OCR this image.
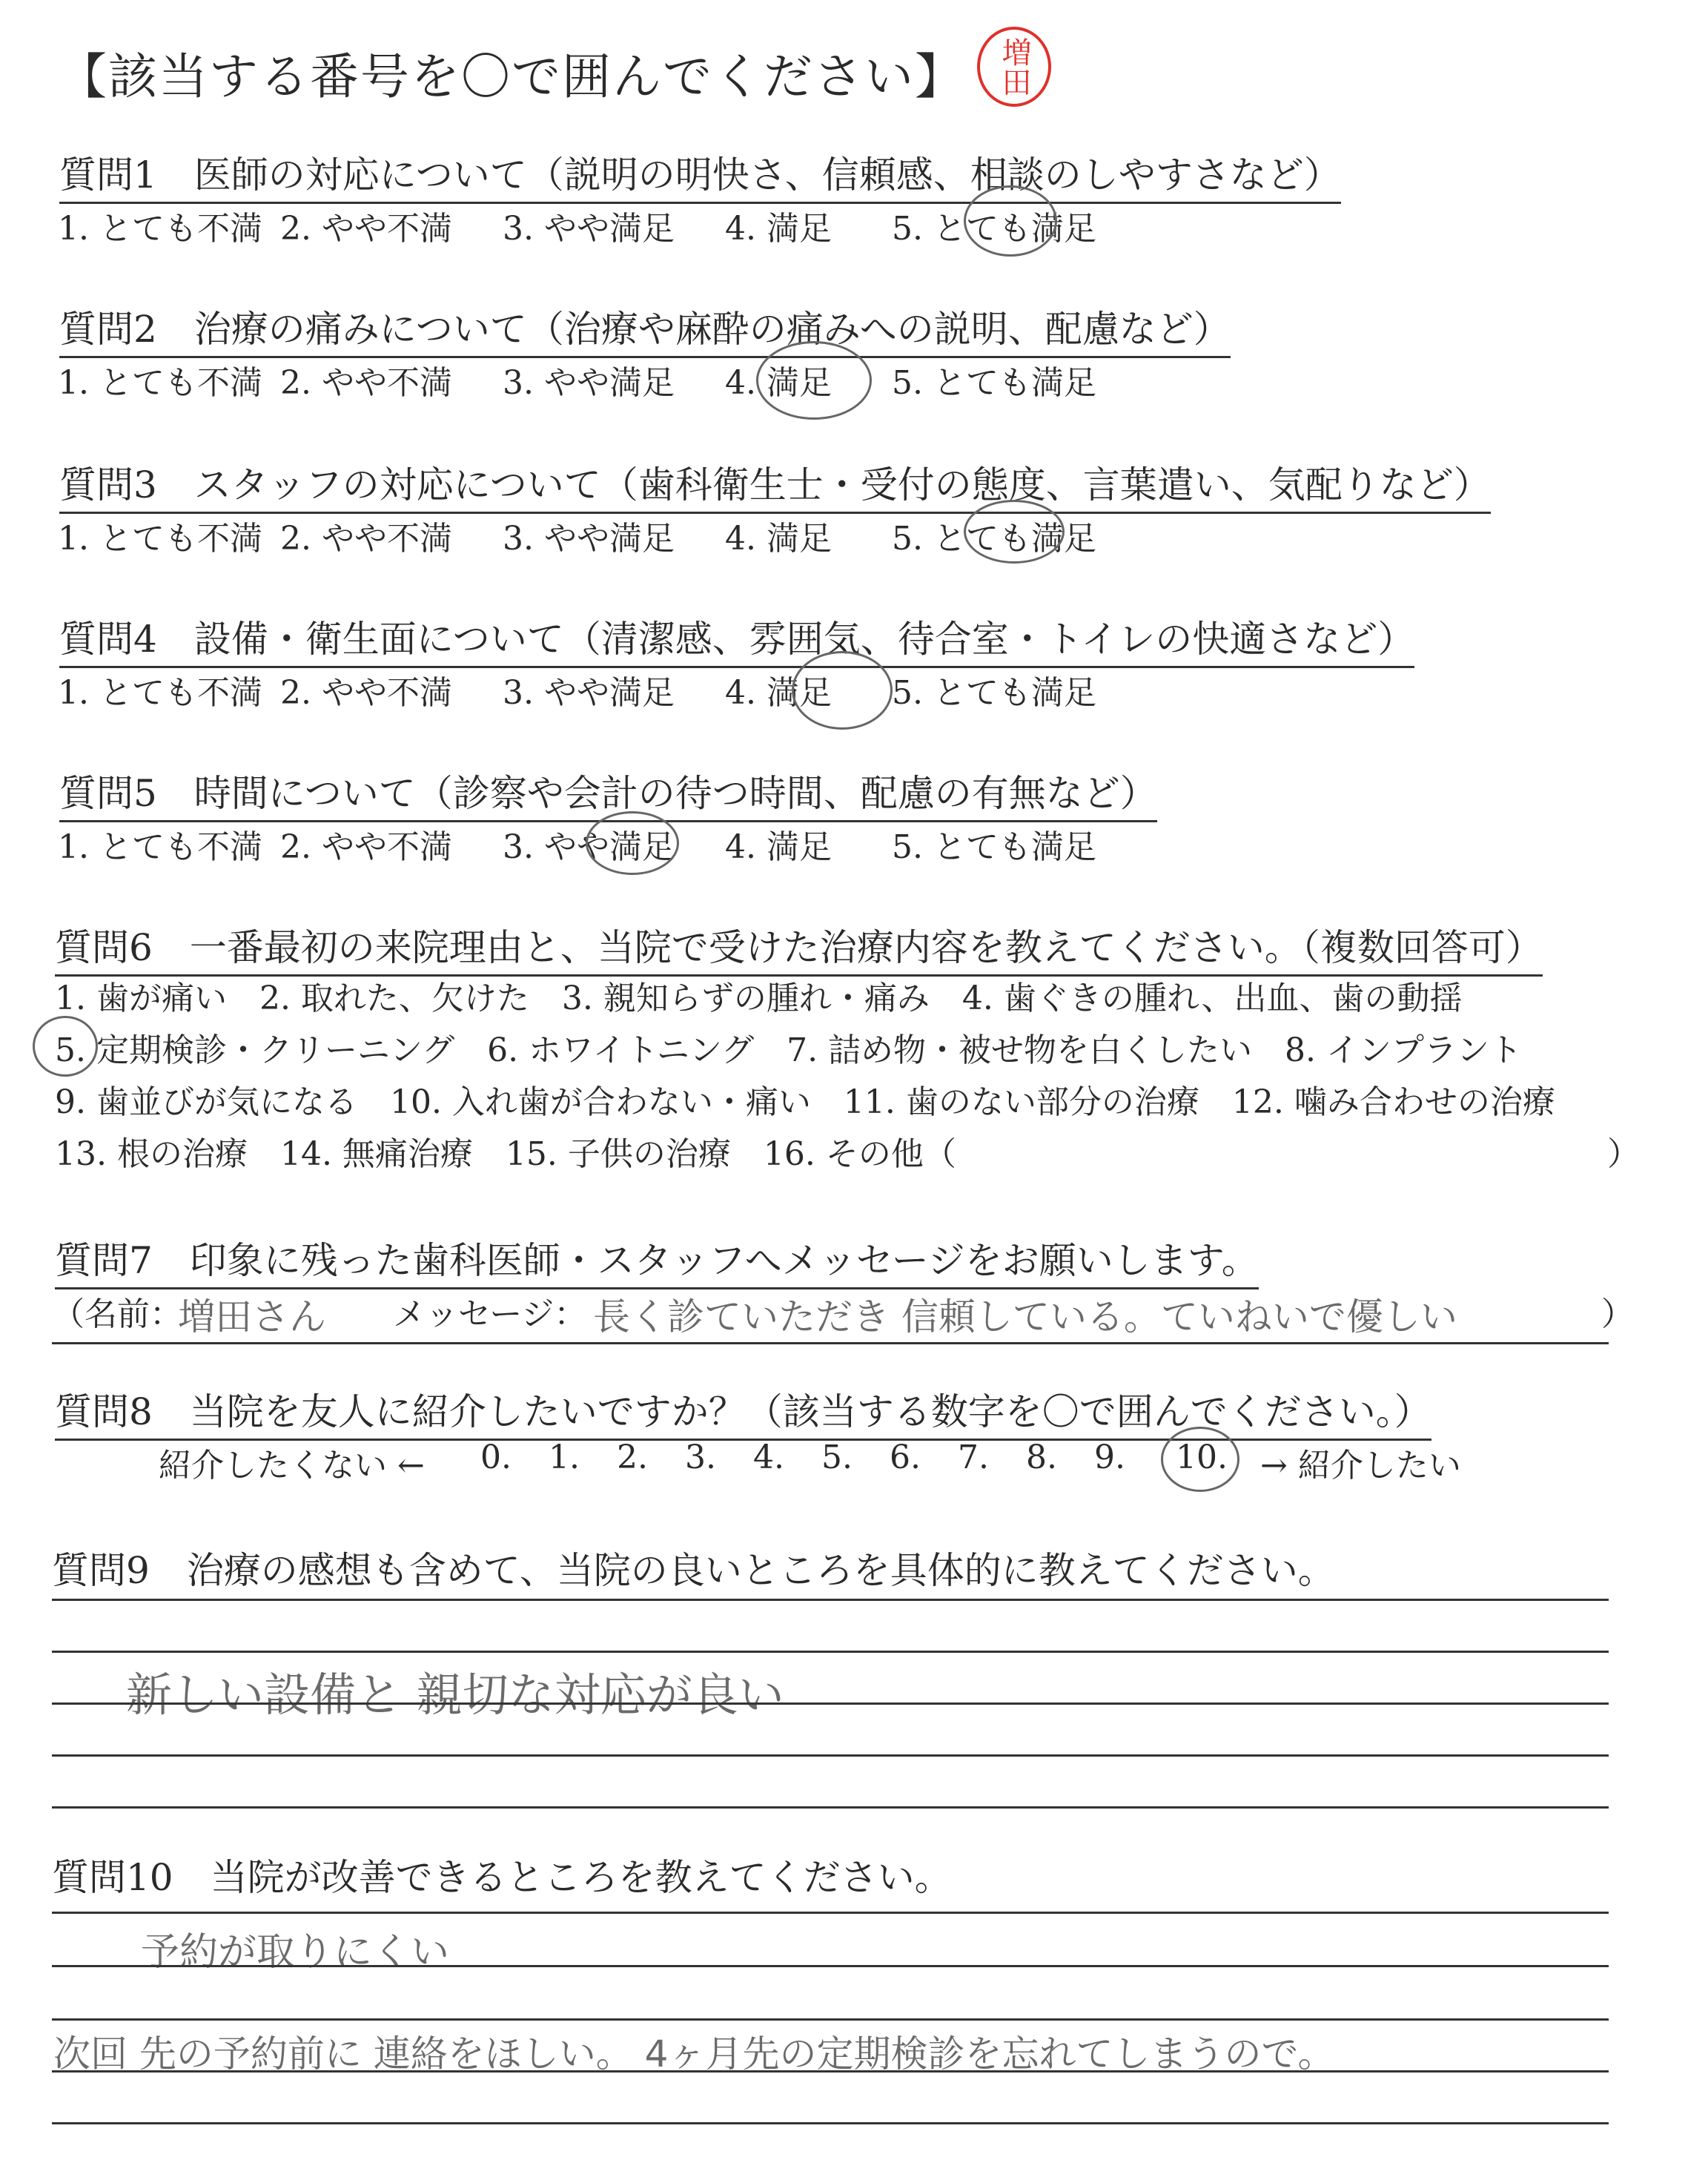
【該当する番号を〇で囲んでください】 増田
質問1　医師の対応について（説明の明快さ、信頼感、相談のしやすさなど）
1. とても不満 2. やや不満 3. やや満足 4. 満足 5. とても満足
質問2　治療の痛みについて（治療や麻酔の痛みへの説明、配慮など）
1. とても不満 2. やや不満 3. やや満足 4. 満足 5. とても満足
質問3　スタッフの対応について（歯科衛生士・受付の態度、言葉遣い、気配りなど）
1. とても不満 2. やや不満 3. やや満足 4. 満足 5. とても満足
質問4　設備・衛生面について（清潔感、雰囲気、待合室・トイレの快適さなど）
1. とても不満 2. やや不満 3. やや満足 4. 満足 5. とても満足
質問5　時間について（診察や会計の待つ時間、配慮の有無など）
1. とても不満 2. やや不満 3. やや満足 4. 満足 5. とても満足
質問6　一番最初の来院理由と、当院で受けた治療内容を教えてください。（複数回答可）
1. 歯が痛い　2. 取れた、欠けた　3. 親知らずの腫れ・痛み　4. 歯ぐきの腫れ、出血、歯の動揺
5. 定期検診・クリーニング　6. ホワイトニング　7. 詰め物・被せ物を白くしたい　8. インプラント
9. 歯並びが気になる　10. 入れ歯が合わない・痛い　11. 歯のない部分の治療　12. 噛み合わせの治療
13. 根の治療　14. 無痛治療　15. 子供の治療　16. その他（	）
質問7　印象に残った歯科医師・スタッフへメッセージをお願いします。
（名前：
増田さん メッセージ： 長く診ていただき 信頼している。ていねいで優しい	）
質問8　当院を友人に紹介したいですか？（該当する数字を〇で囲んでください。）
紹介したくない ← 0. 1. 2. 3. 4. 5. 6. 7. 8. 9. 10.	→ 紹介したい
質問9　治療の感想も含めて、当院の良いところを具体的に教えてください。
新しい設備と 親切な対応が良い
質問10　当院が改善できるところを教えてください。
予約が取りにくい
次回 先の予約前に 連絡をほしい。 4ヶ月先の定期検診を忘れてしまうので。
